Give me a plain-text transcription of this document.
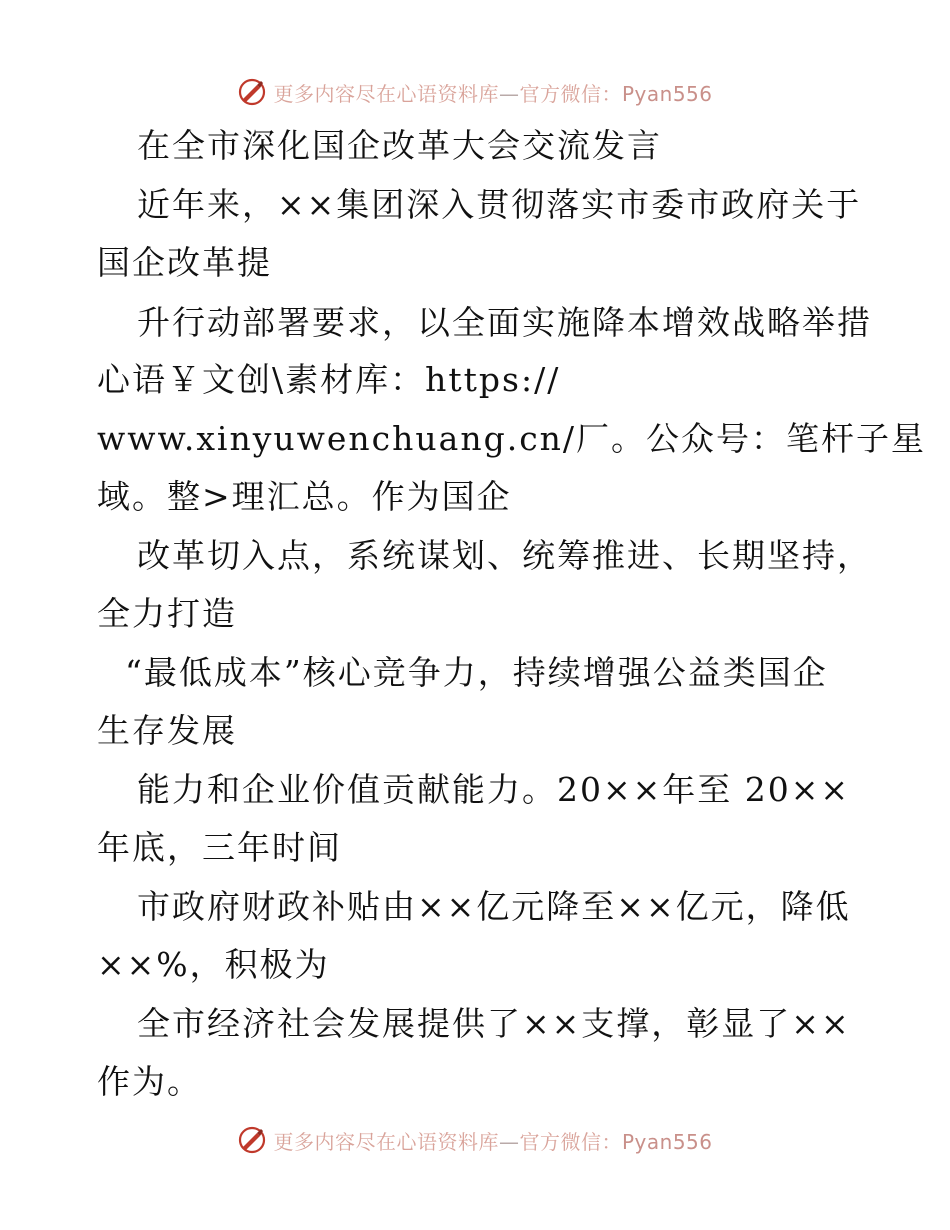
更多内容尽在心语资料库—官方微信：Pyan556
在全市深化国企改革大会交流发言
近年来，××集团深入贯彻落实市委市政府关于
国企改革提
升行动部署要求，以全面实施降本增效战略举措
心语￥文创\素材库：https://
www.xinyuwenchuang.cn/厂。公众号：笔杆子星
域。整>理汇总。作为国企
改革切入点，系统谋划、统筹推进、长期坚持，
全力打造
“最低成本”核心竞争力，持续增强公益类国企
生存发展
能力和企业价值贡献能力。20××年至 20××
年底，三年时间
市政府财政补贴由××亿元降至××亿元，降低
××%，积极为
全市经济社会发展提供了××支撑，彰显了××
作为。
更多内容尽在心语资料库—官方微信：Pyan556
